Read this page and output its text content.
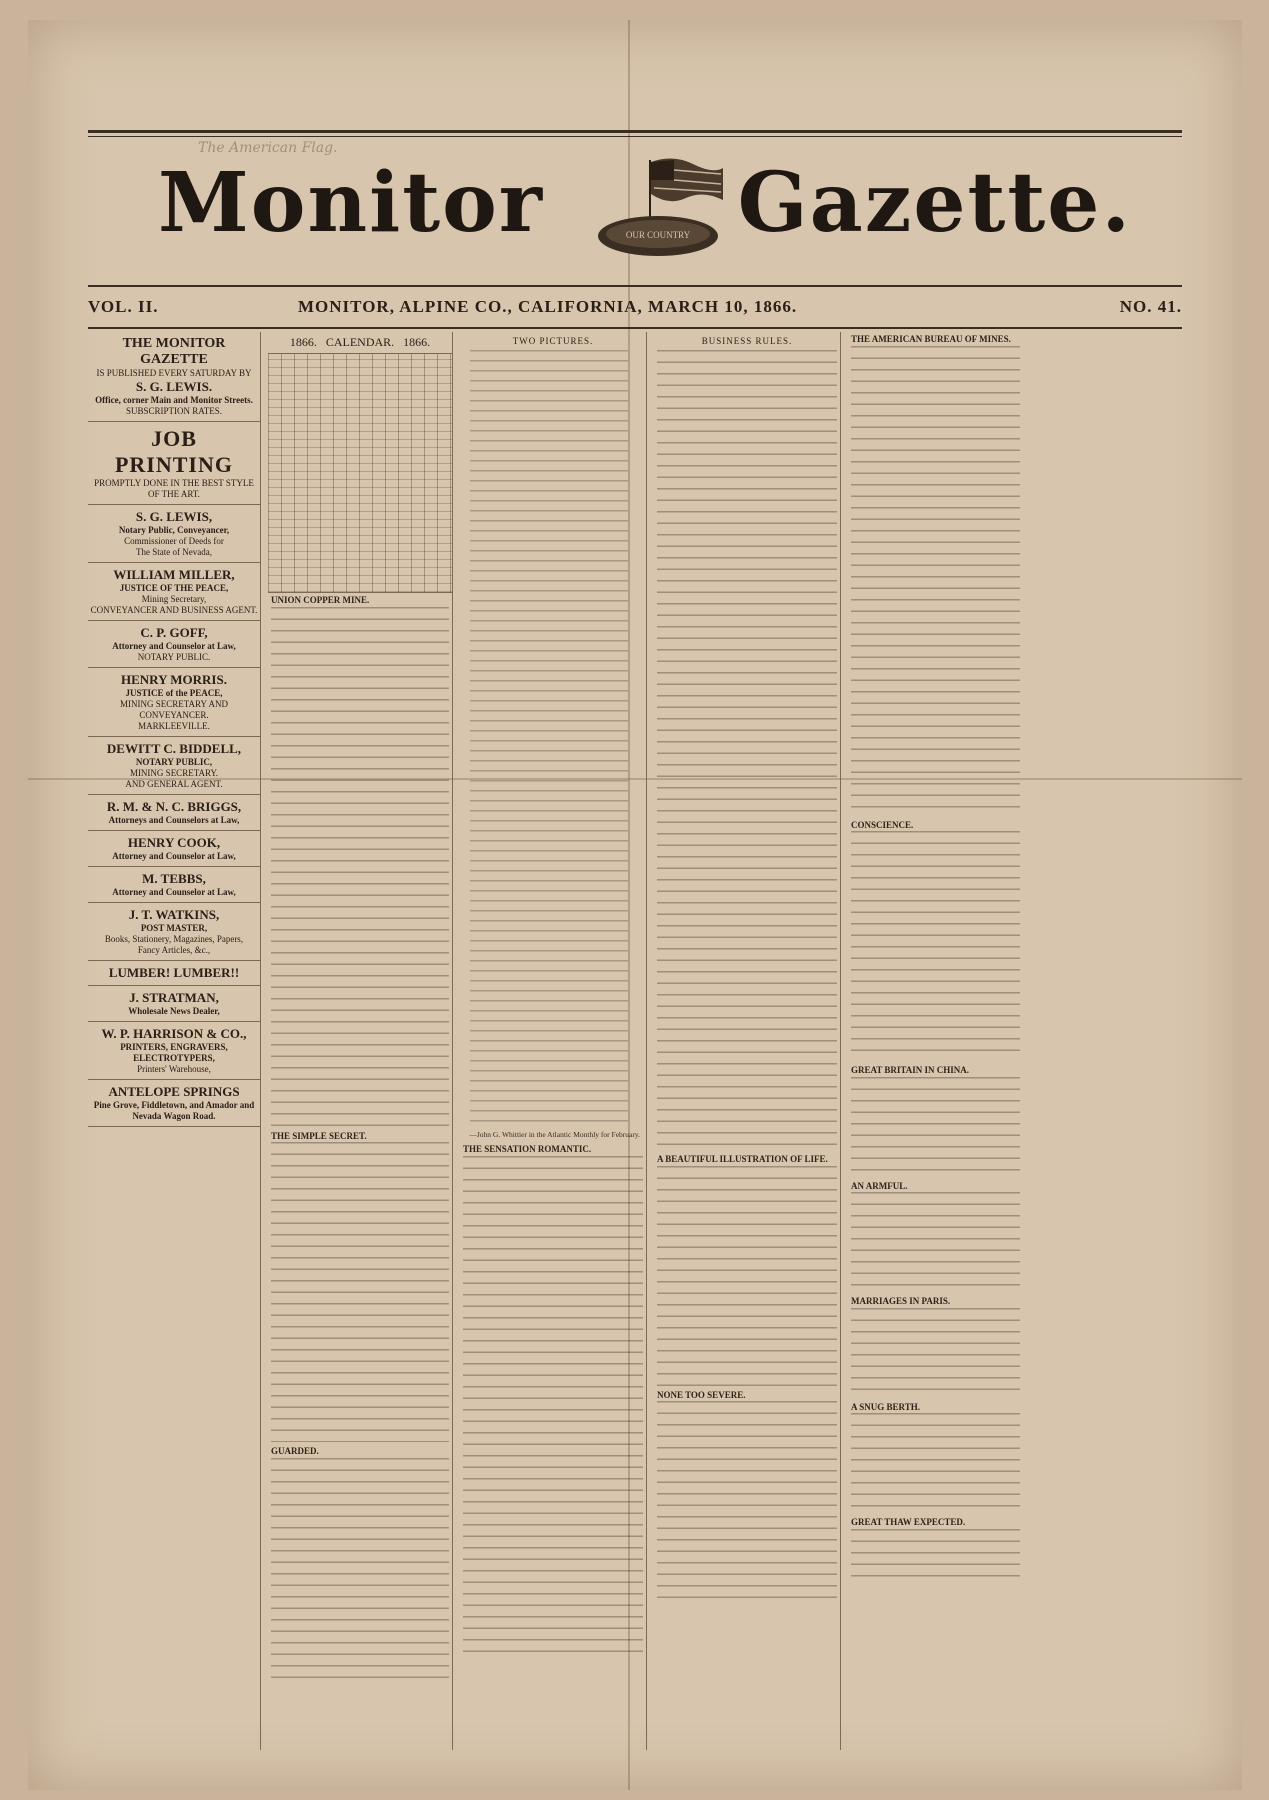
The American Flag.
Monitor	OUR COUNTRY Gazette.
VOL. II.	MONITOR, ALPINE CO., CALIFORNIA, MARCH 10, 1866.	NO. 41.
THE MONITOR GAZETTE
IS PUBLISHED EVERY SATURDAY BY
S. G. LEWIS.
Office, corner Main and Monitor Streets.
SUBSCRIPTION RATES.
JOB PRINTING
PROMPTLY DONE IN THE BEST STYLE OF THE ART.
S. G. LEWIS,
Notary Public, Conveyancer,
Commissioner of Deeds for
The State of Nevada,
WILLIAM MILLER,
JUSTICE OF THE PEACE,
Mining Secretary,
CONVEYANCER AND BUSINESS AGENT.
C. P. GOFF,
Attorney and Counselor at Law,
NOTARY PUBLIC.
HENRY MORRIS.
JUSTICE of the PEACE,
MINING SECRETARY AND CONVEYANCER.
MARKLEEVILLE.
DEWITT C. BIDDELL,
NOTARY PUBLIC,
MINING SECRETARY.
AND GENERAL AGENT.
R. M. & N. C. BRIGGS,
Attorneys and Counselors at Law,
HENRY COOK,
Attorney and Counselor at Law,
M. TEBBS,
Attorney and Counselor at Law,
J. T. WATKINS,
POST MASTER,
Books, Stationery, Magazines, Papers,
Fancy Articles, &c.,
LUMBER! LUMBER!!
J. STRATMAN,
Wholesale News Dealer,
W. P. HARRISON & CO.,
PRINTERS, ENGRAVERS, ELECTROTYPERS,
Printers' Warehouse,
ANTELOPE SPRINGS
Pine Grove, Fiddletown, and Amador and Nevada Wagon Road.
1866. CALENDAR. 1866.
UNION COPPER MINE.
THE SIMPLE SECRET.
GUARDED.
TWO PICTURES.
—John G. Whittier in the Atlantic Monthly for February.
THE SENSATION ROMANTIC.
BUSINESS RULES.
A BEAUTIFUL ILLUSTRATION OF LIFE.
NONE TOO SEVERE.
THE AMERICAN BUREAU OF MINES.
CONSCIENCE.
GREAT BRITAIN IN CHINA.
AN ARMFUL.
MARRIAGES IN PARIS.
A SNUG BERTH.
GREAT THAW EXPECTED.
